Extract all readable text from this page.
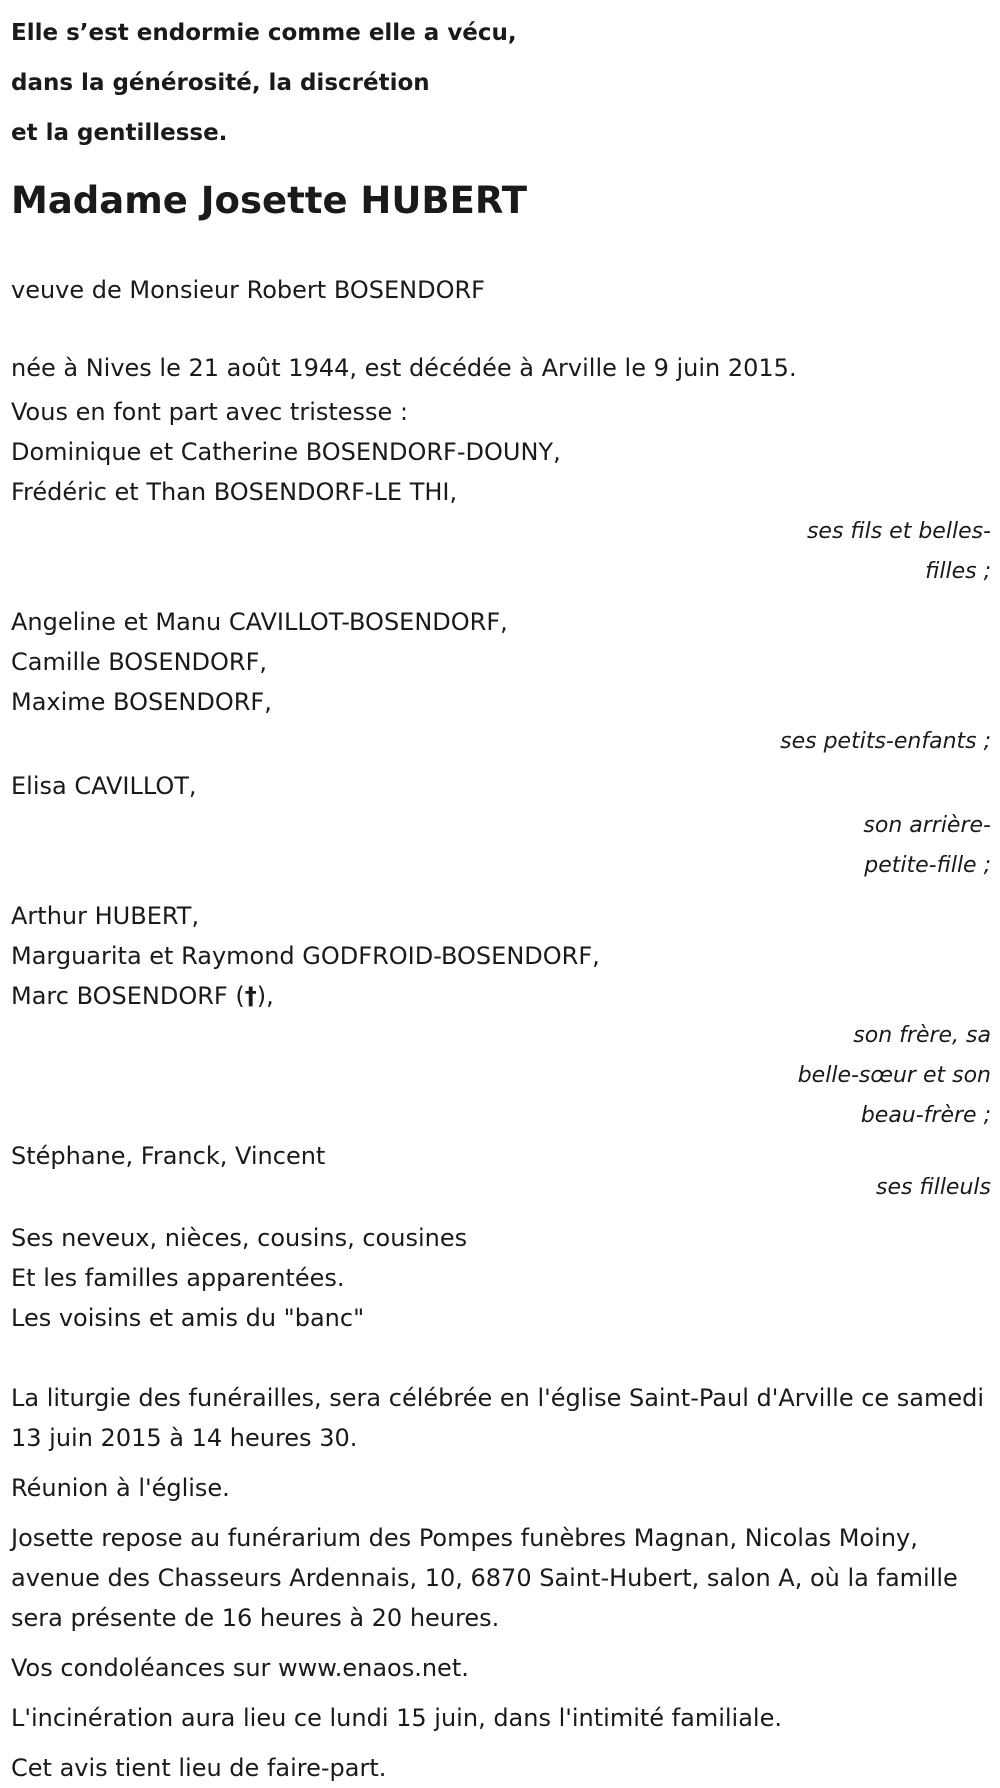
Elle s’est endormie comme elle a vécu,
dans la générosité, la discrétion
et la gentillesse.
Madame Josette HUBERT
veuve de Monsieur Robert BOSENDORF
née à Nives le 21 août 1944, est décédée à Arville le 9 juin 2015.
Vous en font part avec tristesse :
Dominique et Catherine BOSENDORF-DOUNY,
Frédéric et Than BOSENDORF-LE THI,
ses fils et belles-
filles ;
Angeline et Manu CAVILLOT-BOSENDORF,
Camille BOSENDORF,
Maxime BOSENDORF,
ses petits-enfants ;
Elisa CAVILLOT,
son arrière-
petite-fille ;
Arthur HUBERT,
Marguarita et Raymond GODFROID-BOSENDORF,
Marc BOSENDORF (†),
son frère, sa
belle-sœur et son
beau-frère ;
Stéphane, Franck, Vincent
ses filleuls
Ses neveux, nièces, cousins, cousines
Et les familles apparentées.
Les voisins et amis du "banc"
La liturgie des funérailles, sera célébrée en l'église Saint-Paul d'Arville ce samedi 13 juin 2015 à 14 heures 30.
Réunion à l'église.
Josette repose au funérarium des Pompes funèbres Magnan, Nicolas Moiny, avenue des Chasseurs Ardennais, 10, 6870 Saint-Hubert, salon A, où la famille sera présente de 16 heures à 20 heures.
Vos condoléances sur www.enaos.net.
L'incinération aura lieu ce lundi 15 juin, dans l'intimité familiale.
Cet avis tient lieu de faire-part.
